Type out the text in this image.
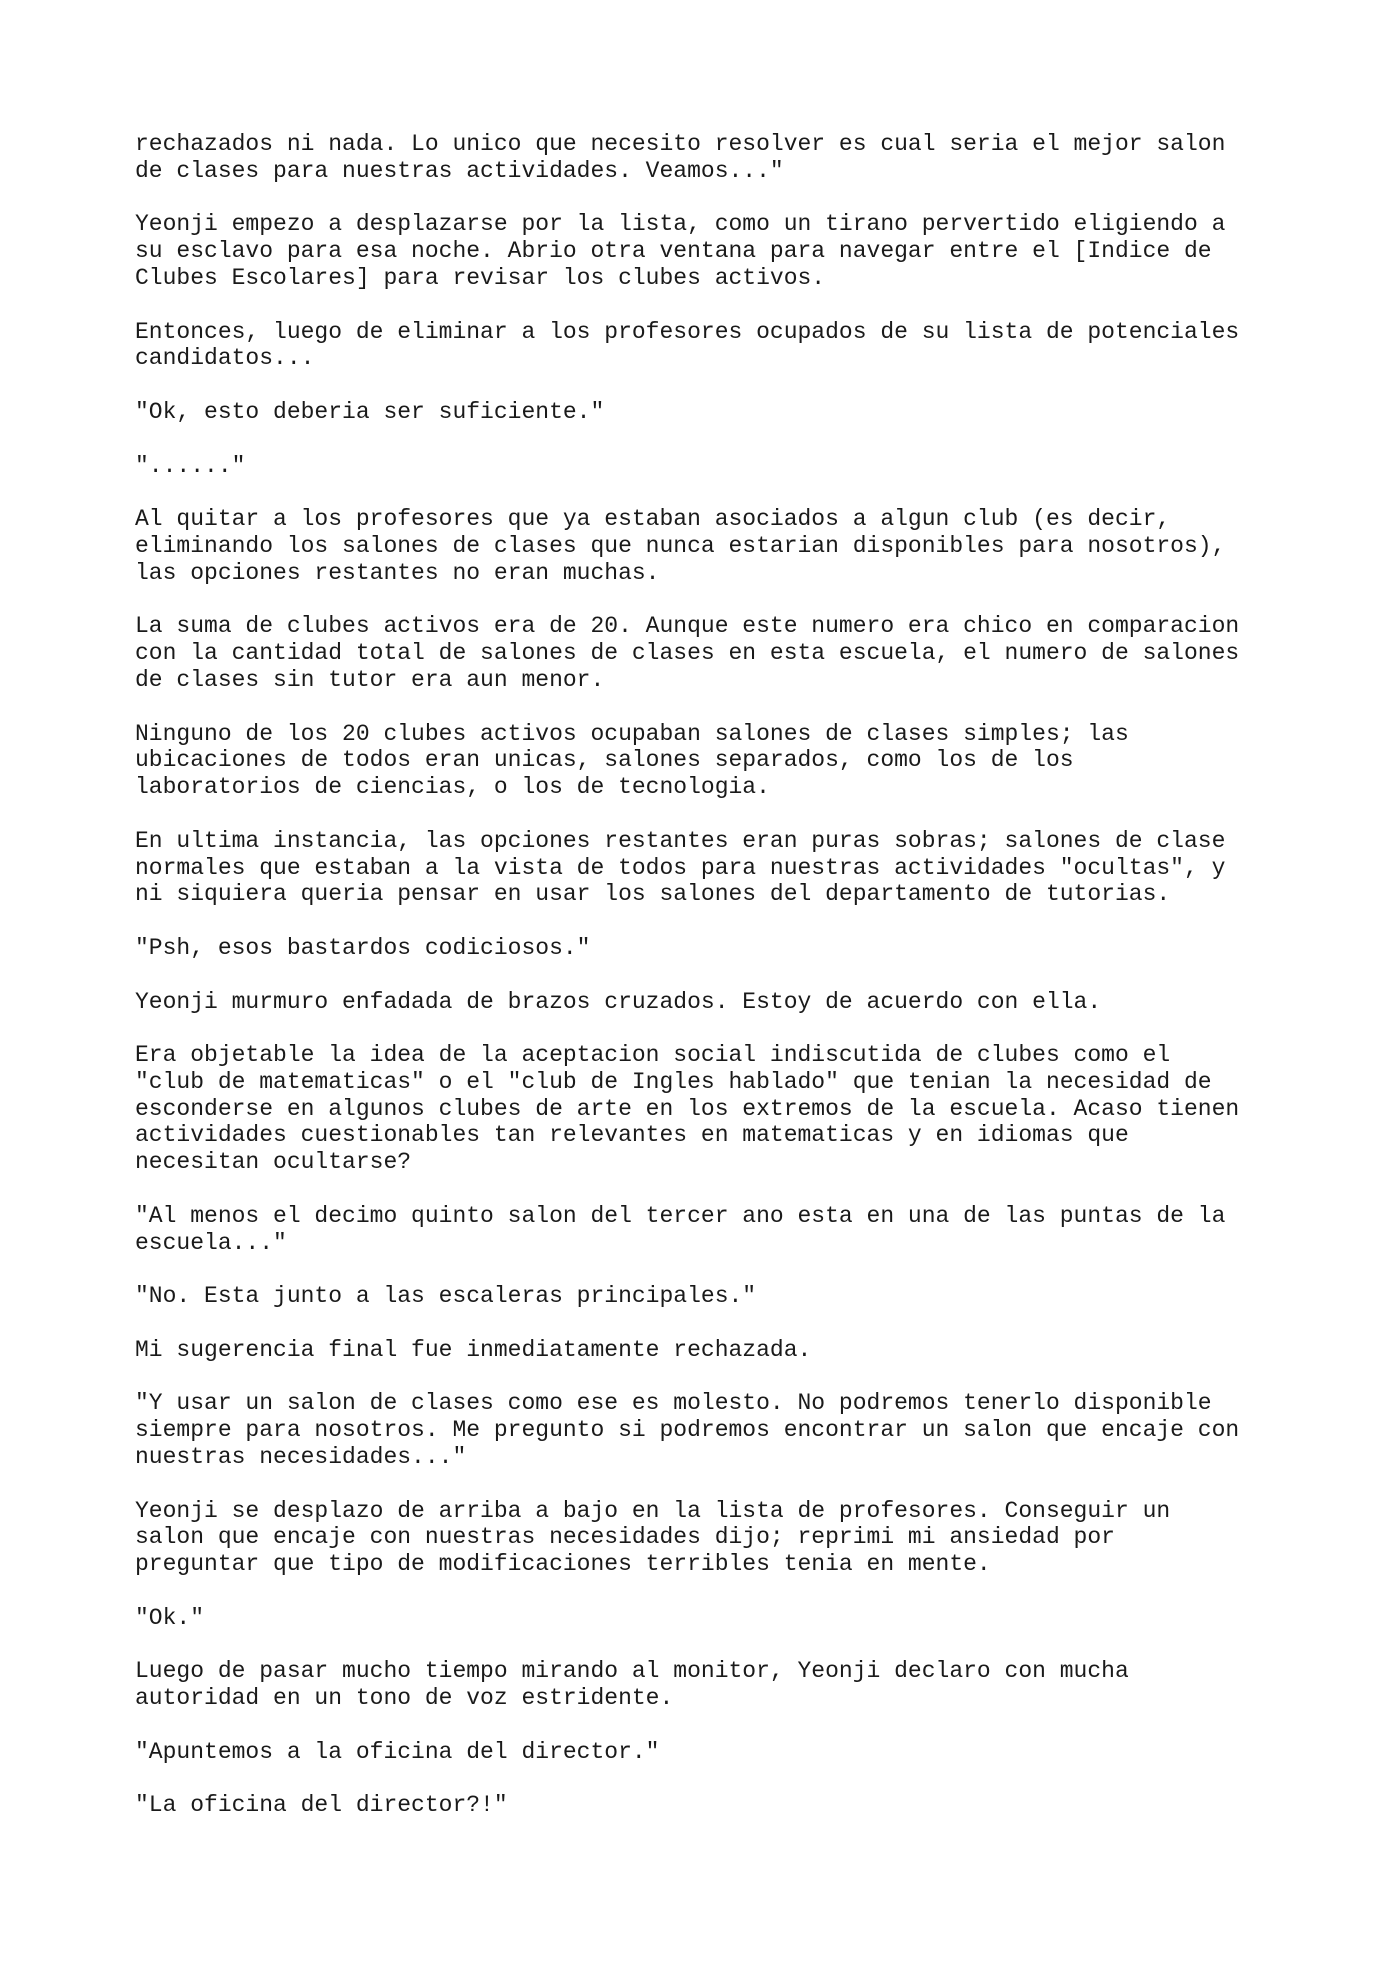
rechazados ni nada. Lo unico que necesito resolver es cual seria el mejor salon
de clases para nuestras actividades. Veamos..."

Yeonji empezo a desplazarse por la lista, como un tirano pervertido eligiendo a
su esclavo para esa noche. Abrio otra ventana para navegar entre el [Indice de
Clubes Escolares] para revisar los clubes activos.

Entonces, luego de eliminar a los profesores ocupados de su lista de potenciales
candidatos...

"Ok, esto deberia ser suficiente."

"......"

Al quitar a los profesores que ya estaban asociados a algun club (es decir,
eliminando los salones de clases que nunca estarian disponibles para nosotros),
las opciones restantes no eran muchas.

La suma de clubes activos era de 20. Aunque este numero era chico en comparacion
con la cantidad total de salones de clases en esta escuela, el numero de salones
de clases sin tutor era aun menor.

Ninguno de los 20 clubes activos ocupaban salones de clases simples; las
ubicaciones de todos eran unicas, salones separados, como los de los
laboratorios de ciencias, o los de tecnologia.

En ultima instancia, las opciones restantes eran puras sobras; salones de clase
normales que estaban a la vista de todos para nuestras actividades "ocultas", y
ni siquiera queria pensar en usar los salones del departamento de tutorias.

"Psh, esos bastardos codiciosos."

Yeonji murmuro enfadada de brazos cruzados. Estoy de acuerdo con ella.

Era objetable la idea de la aceptacion social indiscutida de clubes como el
"club de matematicas" o el "club de Ingles hablado" que tenian la necesidad de
esconderse en algunos clubes de arte en los extremos de la escuela. Acaso tienen
actividades cuestionables tan relevantes en matematicas y en idiomas que
necesitan ocultarse?

"Al menos el decimo quinto salon del tercer ano esta en una de las puntas de la
escuela..."

"No. Esta junto a las escaleras principales."

Mi sugerencia final fue inmediatamente rechazada.

"Y usar un salon de clases como ese es molesto. No podremos tenerlo disponible
siempre para nosotros. Me pregunto si podremos encontrar un salon que encaje con
nuestras necesidades..."

Yeonji se desplazo de arriba a bajo en la lista de profesores. Conseguir un
salon que encaje con nuestras necesidades dijo; reprimi mi ansiedad por
preguntar que tipo de modificaciones terribles tenia en mente.

"Ok."

Luego de pasar mucho tiempo mirando al monitor, Yeonji declaro con mucha
autoridad en un tono de voz estridente.

"Apuntemos a la oficina del director."

"La oficina del director?!"
